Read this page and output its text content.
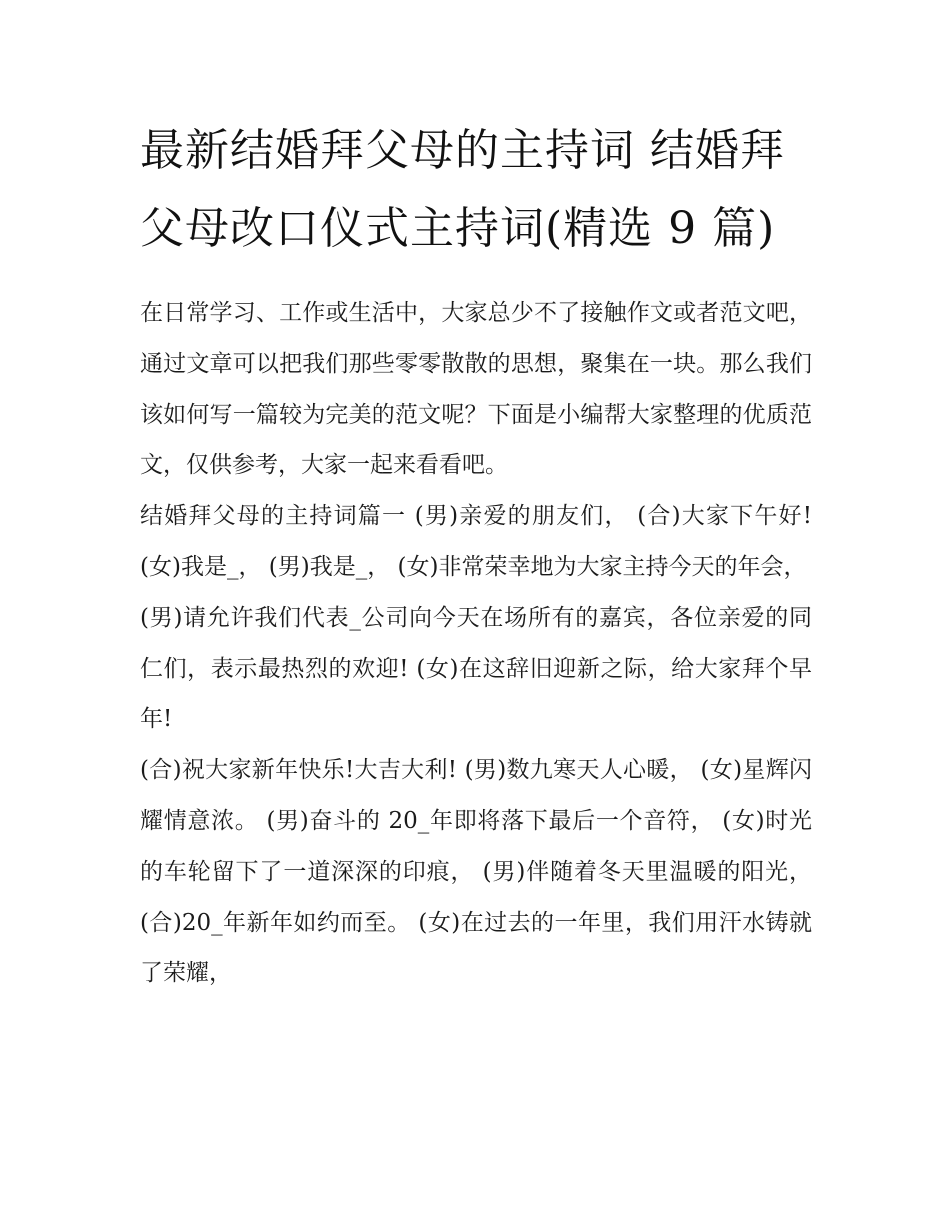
最新结婚拜父母的主持词 结婚拜父母改口仪式主持词(精选 9 篇)

在日常学习、工作或生活中，大家总少不了接触作文或者范文吧，通过文章可以把我们那些零零散散的思想，聚集在一块。那么我们该如何写一篇较为完美的范文呢？下面是小编帮大家整理的优质范文，仅供参考，大家一起来看看吧。

结婚拜父母的主持词篇一 (男)亲爱的朋友们， (合)大家下午好! (女)我是_， (男)我是_， (女)非常荣幸地为大家主持今天的年会，

(男)请允许我们代表_公司向今天在场所有的嘉宾，各位亲爱的同仁们，表示最热烈的欢迎! (女)在这辞旧迎新之际，给大家拜个早年!

(合)祝大家新年快乐!大吉大利! (男)数九寒天人心暖， (女)星辉闪耀情意浓。 (男)奋斗的 20_年即将落下最后一个音符， (女)时光的车轮留下了一道深深的印痕， (男)伴随着冬天里温暖的阳光， (合)20_年新年如约而至。 (女)在过去的一年里，我们用汗水铸就了荣耀，
